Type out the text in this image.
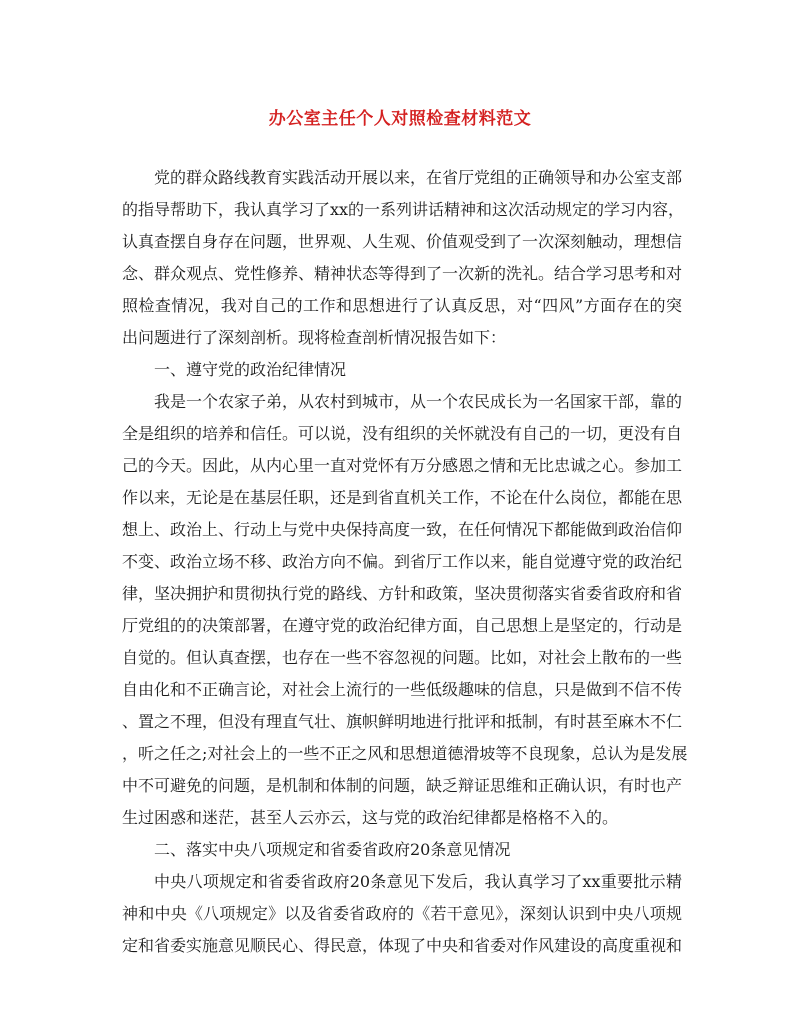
办公室主任个人对照检查材料范文
党的群众路线教育实践活动开展以来，在省厅党组的正确领导和办公室支部
的指导帮助下，我认真学习了xx的一系列讲话精神和这次活动规定的学习内容，
认真查摆自身存在问题，世界观、人生观、价值观受到了一次深刻触动，理想信
念、群众观点、党性修养、精神状态等得到了一次新的洗礼。结合学习思考和对
照检查情况，我对自己的工作和思想进行了认真反思，对“四风”方面存在的突
出问题进行了深刻剖析。现将检查剖析情况报告如下：
一、遵守党的政治纪律情况
我是一个农家子弟，从农村到城市，从一个农民成长为一名国家干部，靠的
全是组织的培养和信任。可以说，没有组织的关怀就没有自己的一切，更没有自
己的今天。因此，从内心里一直对党怀有万分感恩之情和无比忠诚之心。参加工
作以来，无论是在基层任职，还是到省直机关工作，不论在什么岗位，都能在思
想上、政治上、行动上与党中央保持高度一致，在任何情况下都能做到政治信仰
不变、政治立场不移、政治方向不偏。到省厅工作以来，能自觉遵守党的政治纪
律，坚决拥护和贯彻执行党的路线、方针和政策，坚决贯彻落实省委省政府和省
厅党组的的决策部署，在遵守党的政治纪律方面，自己思想上是坚定的，行动是
自觉的。但认真查摆，也存在一些不容忽视的问题。比如，对社会上散布的一些
自由化和不正确言论，对社会上流行的一些低级趣味的信息，只是做到不信不传
、置之不理，但没有理直气壮、旗帜鲜明地进行批评和抵制，有时甚至麻木不仁
，听之任之;对社会上的一些不正之风和思想道德滑坡等不良现象，总认为是发展
中不可避免的问题，是机制和体制的问题，缺乏辩证思维和正确认识，有时也产
生过困惑和迷茫，甚至人云亦云，这与党的政治纪律都是格格不入的。
二、落实中央八项规定和省委省政府20条意见情况
中央八项规定和省委省政府20条意见下发后，我认真学习了xx重要批示精
神和中央《八项规定》以及省委省政府的《若干意见》，深刻认识到中央八项规
定和省委实施意见顺民心、得民意，体现了中央和省委对作风建设的高度重视和
